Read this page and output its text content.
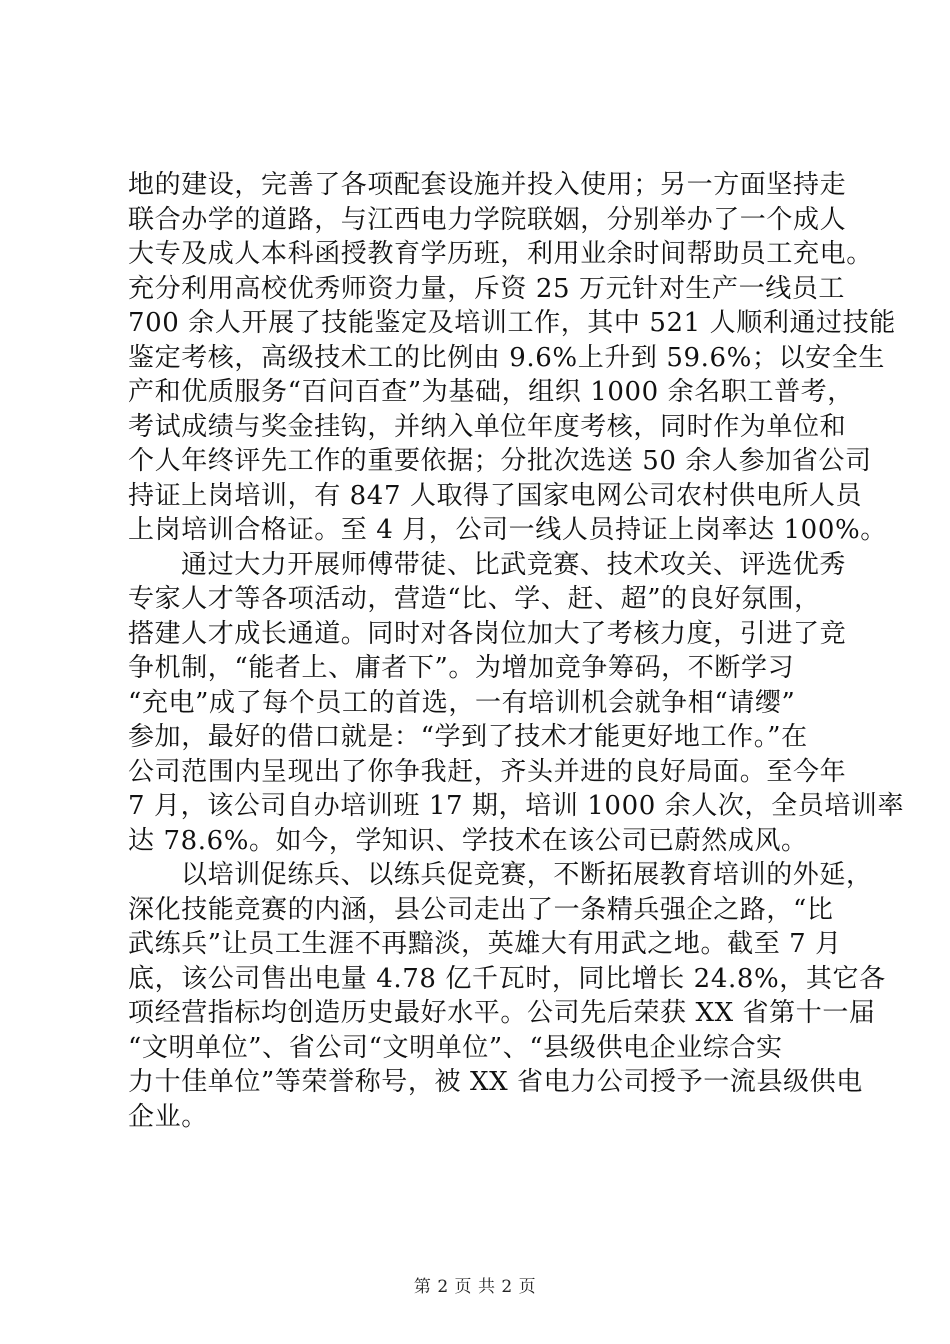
地的建设，完善了各项配套设施并投入使用；另一方面坚持走
联合办学的道路，与江西电力学院联姻，分别举办了一个成人
大专及成人本科函授教育学历班，利用业余时间帮助员工充电。
充分利用高校优秀师资力量，斥资 25 万元针对生产一线员工
700 余人开展了技能鉴定及培训工作，其中 521 人顺利通过技能
鉴定考核，高级技术工的比例由 9.6%上升到 59.6%；以安全生
产和优质服务“百问百查”为基础，组织 1000 余名职工普考，
考试成绩与奖金挂钩，并纳入单位年度考核，同时作为单位和
个人年终评先工作的重要依据；分批次选送 50 余人参加省公司
持证上岗培训，有 847 人取得了国家电网公司农村供电所人员
上岗培训合格证。至 4 月，公司一线人员持证上岗率达 100%。
通过大力开展师傅带徒、比武竞赛、技术攻关、评选优秀
专家人才等各项活动，营造“比、学、赶、超”的良好氛围，
搭建人才成长通道。同时对各岗位加大了考核力度，引进了竞
争机制，“能者上、庸者下”。为增加竞争筹码，不断学习
“充电”成了每个员工的首选，一有培训机会就争相“请缨”
参加，最好的借口就是：“学到了技术才能更好地工作。”在
公司范围内呈现出了你争我赶，齐头并进的良好局面。至今年
7 月，该公司自办培训班 17 期，培训 1000 余人次，全员培训率
达 78.6%。如今，学知识、学技术在该公司已蔚然成风。
以培训促练兵、以练兵促竞赛，不断拓展教育培训的外延，
深化技能竞赛的内涵，县公司走出了一条精兵强企之路，“比
武练兵”让员工生涯不再黯淡，英雄大有用武之地。截至 7 月
底，该公司售出电量 4.78 亿千瓦时，同比增长 24.8%，其它各
项经营指标均创造历史最好水平。公司先后荣获 XX 省第十一届
“文明单位”、省公司“文明单位”、“县级供电企业综合实
力十佳单位”等荣誉称号，被 XX 省电力公司授予一流县级供电
企业。
第 2 页 共 2 页
